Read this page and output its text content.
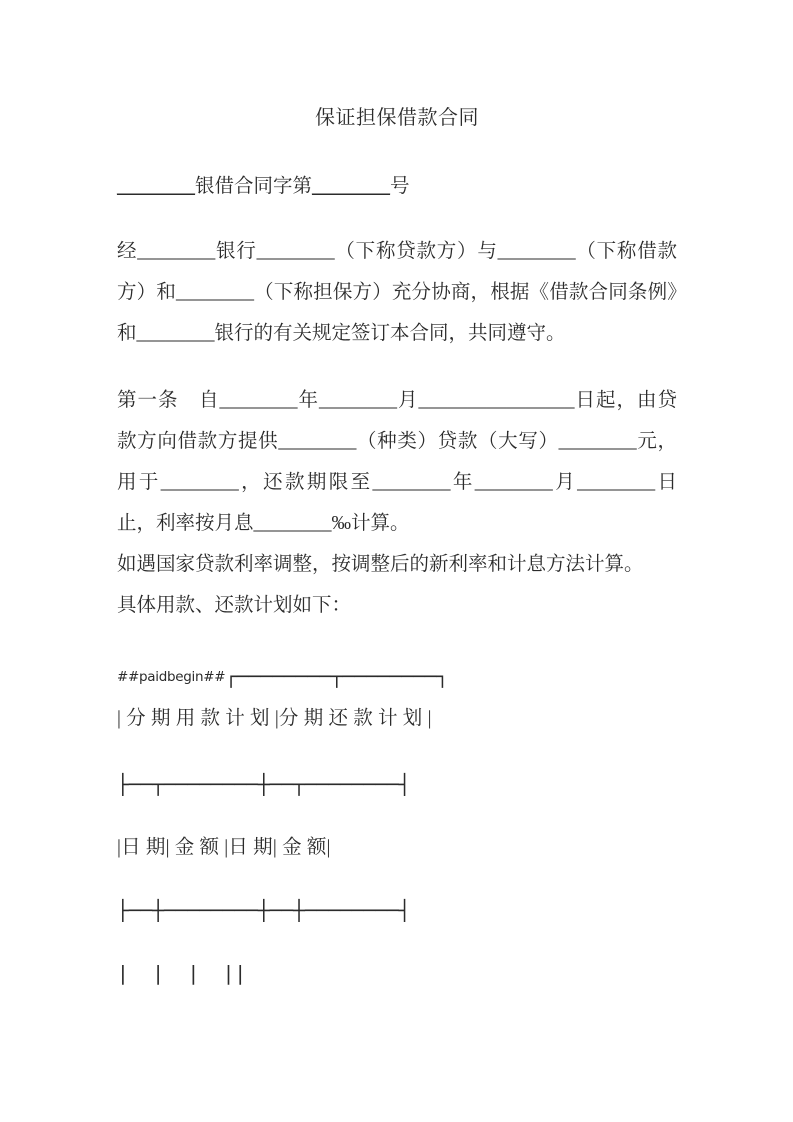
保证担保借款合同

________银借合同字第________号

经________银行________（下称贷款方）与________（下称借款方）和________（下称担保方）充分协商，根据《借款合同条例》和________银行的有关规定签订本合同，共同遵守。

第一条　自________年________月________________日起，由贷款方向借款方提供________（种类）贷款（大写）________元，用于________，还款期限至________年________月________日止，利率按月息________‰计算。

如遇国家贷款利率调整，按调整后的新利率和计息方法计算。

具体用款、还款计划如下：

##paidbegin##┌────────┬────────┐

| 分 期 用 款 计 划 |分 期 还 款 计 划 |

├──┬────────┼──┬────────┤

|日 期| 金 额 |日 期| 金 额|

├──┼────────┼──┼────────┤

|  |  |  ||
